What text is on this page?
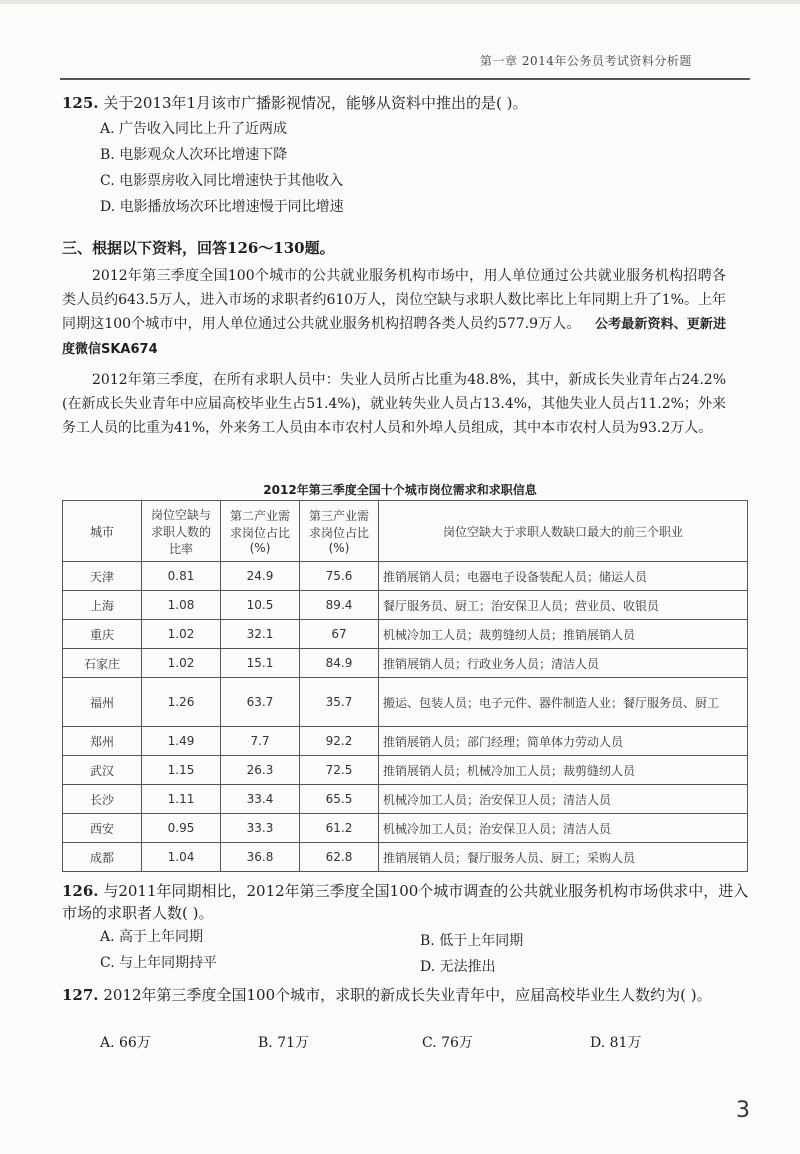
第一章 2014年公务员考试资料分析题
125. 关于2013年1月该市广播影视情况，能够从资料中推出的是( )。
A. 广告收入同比上升了近两成
B. 电影观众人次环比增速下降
C. 电影票房收入同比增速快于其他收入
D. 电影播放场次环比增速慢于同比增速
三、根据以下资料，回答126～130题。
2012年第三季度全国100个城市的公共就业服务机构市场中，用人单位通过公共就业服务机构招聘各类人员约643.5万人，进入市场的求职者约610万人，岗位空缺与求职人数比率比上年同期上升了1%。上年同期这100个城市中，用人单位通过公共就业服务机构招聘各类人员约577.9万人。 公考最新资料、更新进度微信SKA674
2012年第三季度，在所有求职人员中：失业人员所占比重为48.8%，其中，新成长失业青年占24.2%(在新成长失业青年中应届高校毕业生占51.4%)，就业转失业人员占13.4%，其他失业人员占11.2%；外来务工人员的比重为41%，外来务工人员由本市农村人员和外埠人员组成，其中本市农村人员为93.2万人。
2012年第三季度全国十个城市岗位需求和求职信息
城市	岗位空缺与求职人数的比率	第二产业需求岗位占比(%)	第三产业需求岗位占比(%)	岗位空缺大于求职人数缺口最大的前三个职业
天津	0.81	24.9	75.6	推销展销人员；电器电子设备装配人员；储运人员
上海	1.08	10.5	89.4	餐厅服务员、厨工；治安保卫人员；营业员、收银员
重庆	1.02	32.1	67	机械冷加工人员；裁剪缝纫人员；推销展销人员
石家庄	1.02	15.1	84.9	推销展销人员；行政业务人员；清洁人员
福州	1.26	63.7	35.7	搬运、包装人员；电子元件、器件制造人业；餐厅服务员、厨工
郑州	1.49	7.7	92.2	推销展销人员；部门经理；简单体力劳动人员
武汉	1.15	26.3	72.5	推销展销人员；机械冷加工人员；裁剪缝纫人员
长沙	1.11	33.4	65.5	机械冷加工人员；治安保卫人员；清洁人员
西安	0.95	33.3	61.2	机械冷加工人员；治安保卫人员；清洁人员
成都	1.04	36.8	62.8	推销展销人员；餐厅服务人员、厨工；采购人员
126. 与2011年同期相比，2012年第三季度全国100个城市调查的公共就业服务机构市场供求中，进入市场的求职者人数( )。
A. 高于上年同期	B. 低于上年同期
C. 与上年同期持平	D. 无法推出
127. 2012年第三季度全国100个城市，求职的新成长失业青年中，应届高校毕业生人数约为( )。
A. 66万	B. 71万	C. 76万	D. 81万
3
